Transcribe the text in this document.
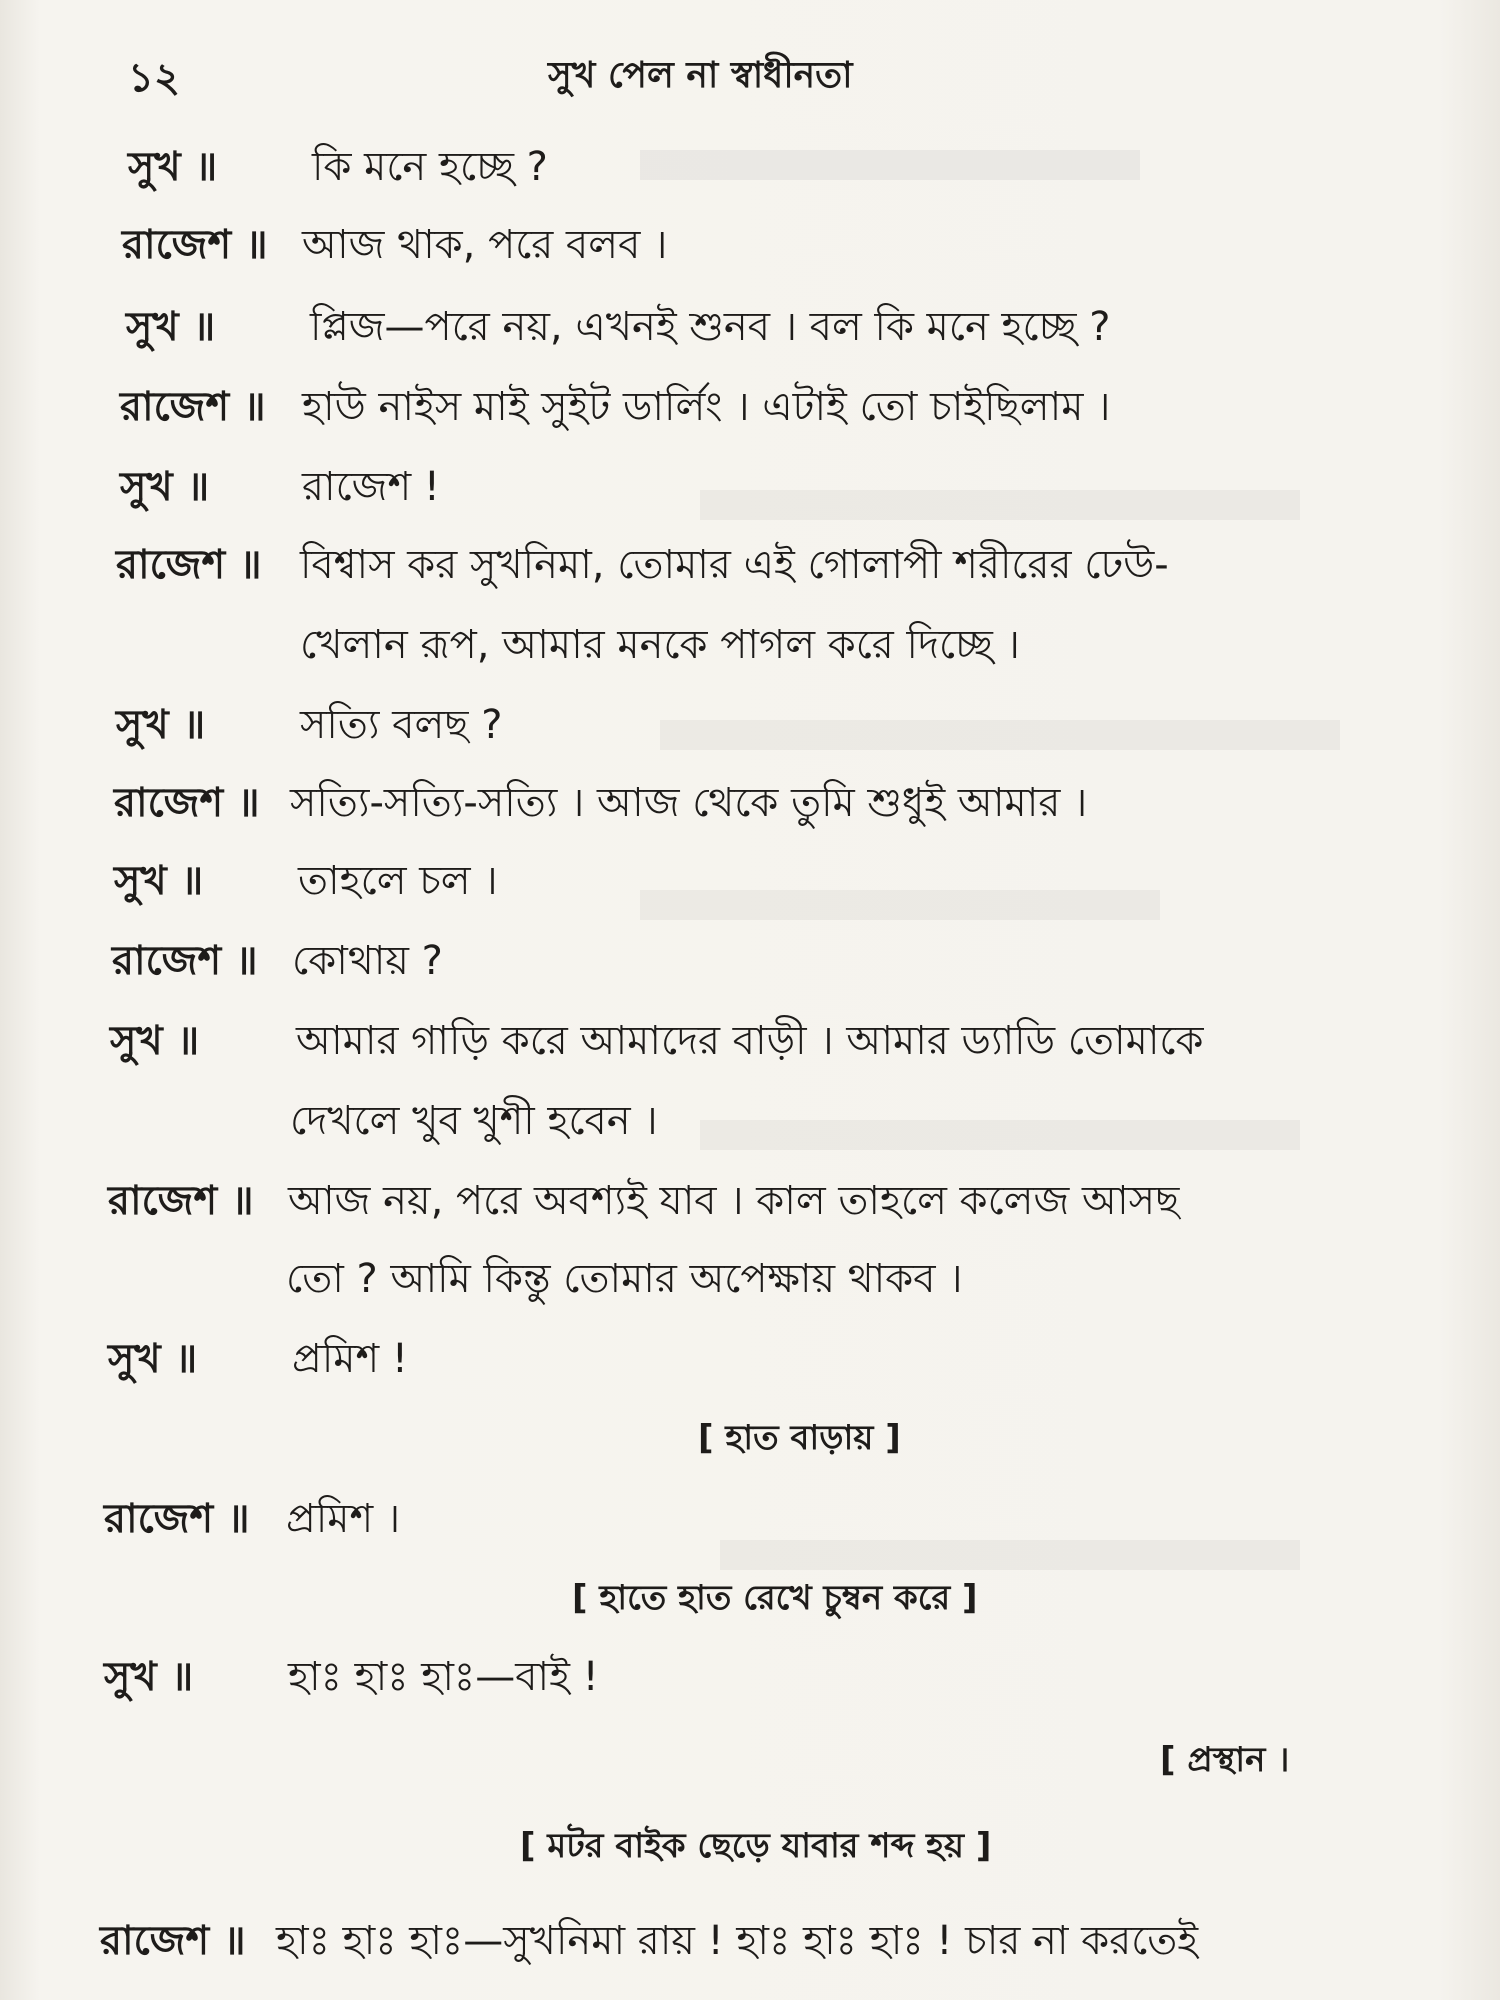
১২	সুখ পেল না স্বাধীনতা
সুখ ॥ কি মনে হচ্ছে ?
রাজেশ ॥ আজ থাক, পরে বলব ।
সুখ ॥ প্লিজ—পরে নয়, এখনই শুনব । বল কি মনে হচ্ছে ?
রাজেশ ॥ হাউ নাইস মাই সুইট ডার্লিং । এটাই তো চাইছিলাম ।
সুখ ॥ রাজেশ !
রাজেশ ॥ বিশ্বাস কর সুখনিমা, তোমার এই গোলাপী শরীরের ঢেউ-
খেলান রূপ, আমার মনকে পাগল করে দিচ্ছে ।
সুখ ॥ সত্যি বলছ ?
রাজেশ ॥ সত্যি-সত্যি-সত্যি । আজ থেকে তুমি শুধুই আমার ।
সুখ ॥ তাহলে চল ।
রাজেশ ॥ কোথায় ?
সুখ ॥ আমার গাড়ি করে আমাদের বাড়ী । আমার ড্যাডি তোমাকে
দেখলে খুব খুশী হবেন ।
রাজেশ ॥ আজ নয়, পরে অবশ্যই যাব । কাল তাহলে কলেজ আসছ
তো ? আমি কিন্তু তোমার অপেক্ষায় থাকব ।
সুখ ॥ প্রমিশ !
[ হাত বাড়ায় ]
রাজেশ ॥ প্রমিশ ।
[ হাতে হাত রেখে চুম্বন করে ]
সুখ ॥ হাঃ হাঃ হাঃ—বাই !
[ প্রস্থান ।
[ মটর বাইক ছেড়ে যাবার শব্দ হয় ]
রাজেশ ॥ হাঃ হাঃ হাঃ—সুখনিমা রায় ! হাঃ হাঃ হাঃ ! চার না করতেই
